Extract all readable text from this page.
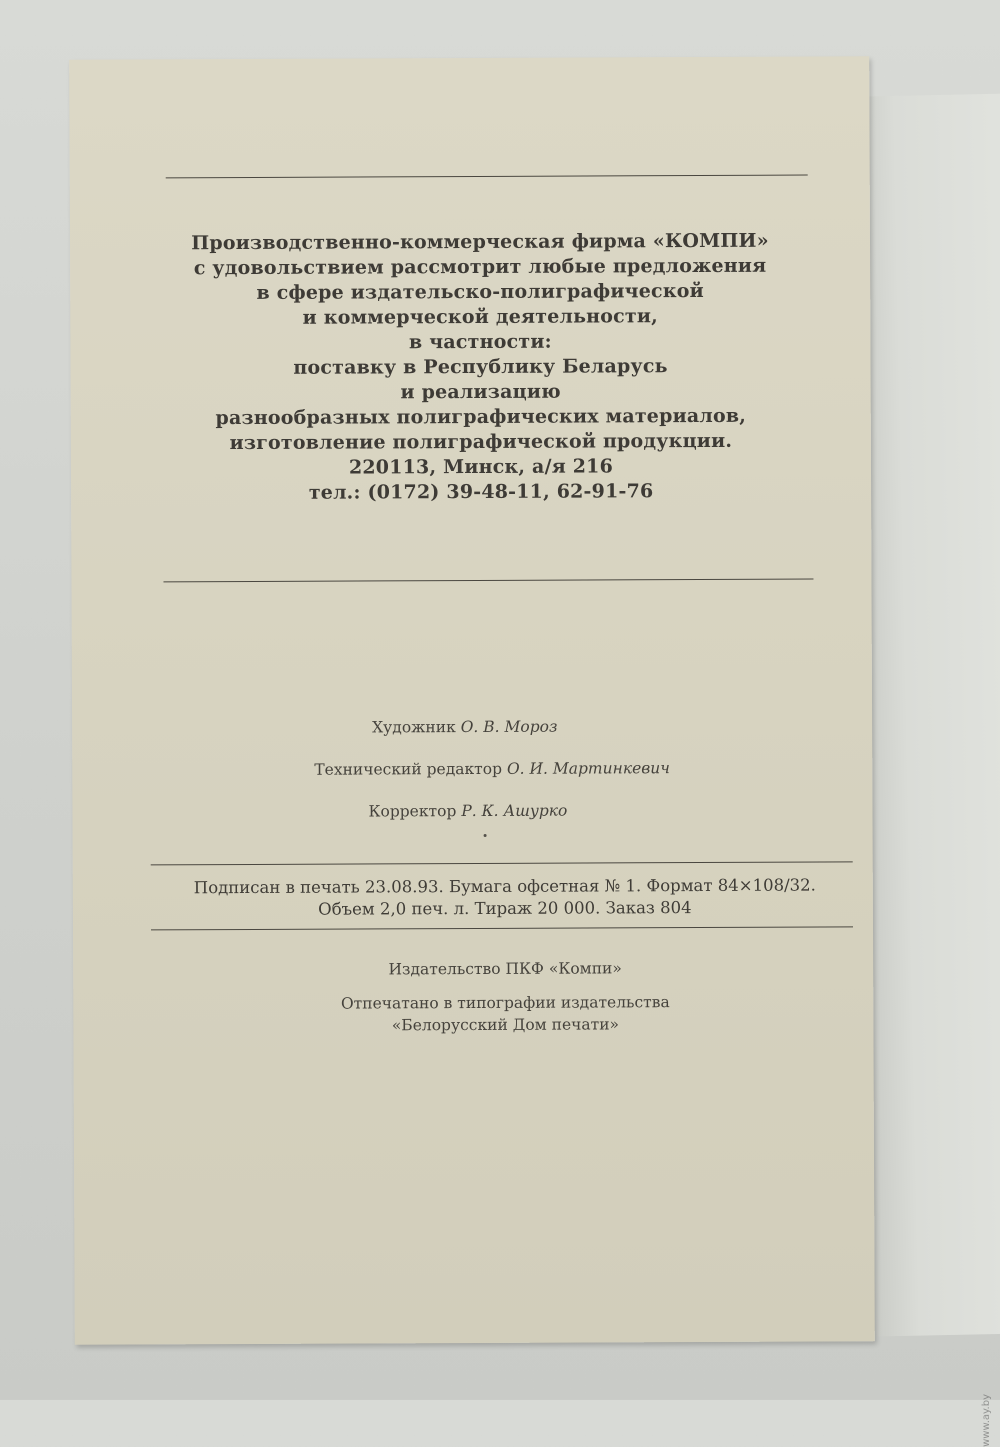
Производственно-коммерческая фирма «КОМПИ»
с удовольствием рассмотрит любые предложения
в сфере издательско-полиграфической
и коммерческой деятельности,
в частности:
поставку в Республику Беларусь
и реализацию
разнообразных полиграфических материалов,
изготовление полиграфической продукции.
220113, Минск, а/я 216
тел.: (0172) 39-48-11, 62-91-76
Художник О. В. Мороз
Технический редактор О. И. Мартинкевич
Корректор Р. К. Ашурко
Подписан в печать 23.08.93. Бумага офсетная № 1. Формат 84×108/32.
Объем 2,0 печ. л. Тираж 20 000. Заказ 804
Издательство ПКФ «Компи»
Отпечатано в типографии издательства
«Белорусский Дом печати»
www.ay.by
